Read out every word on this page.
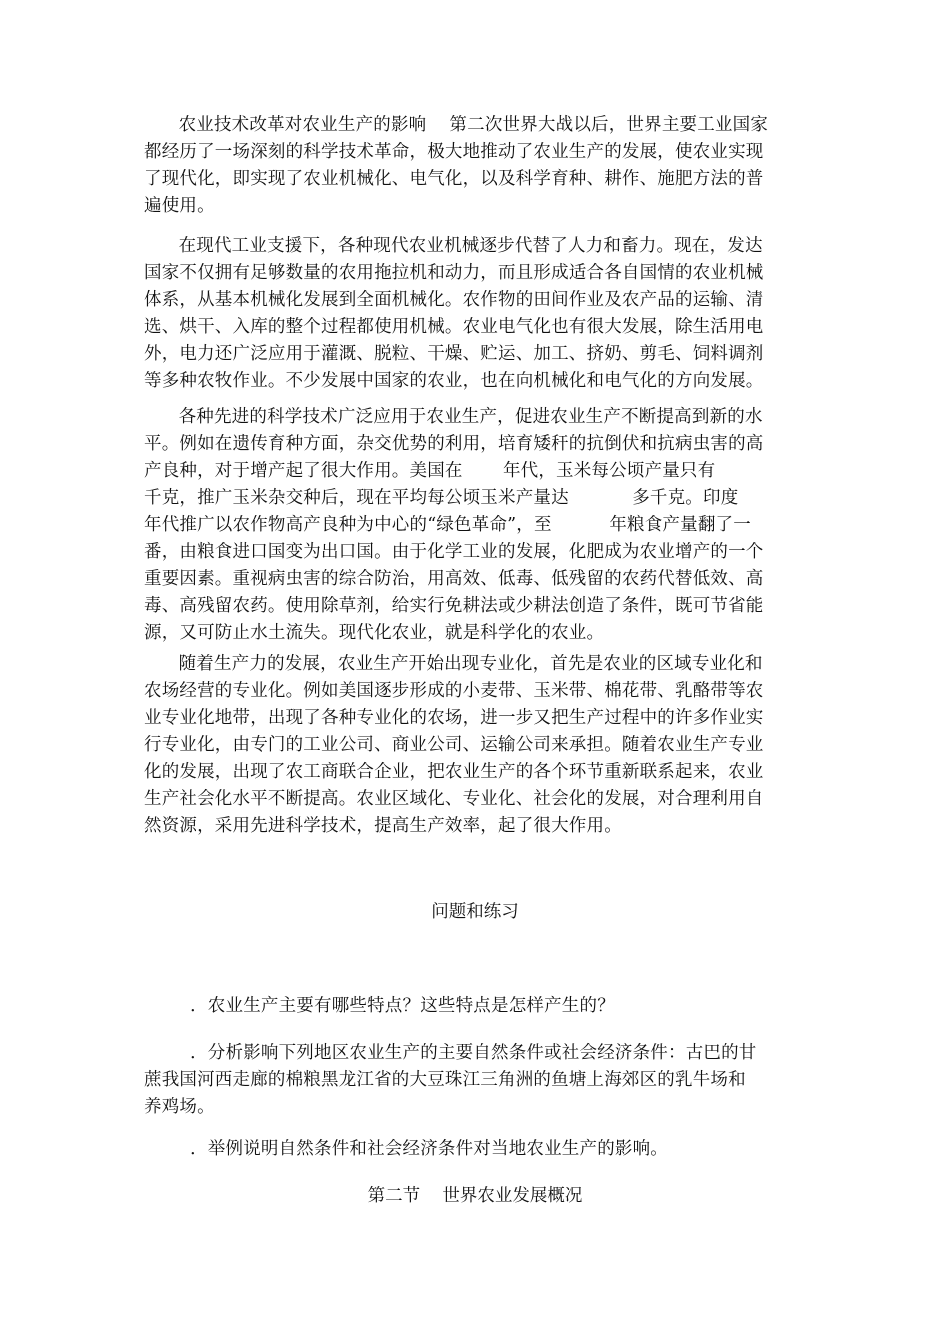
农业技术改革对农业生产的影响    第二次世界大战以后，世界主要工业国家
都经历了一场深刻的科学技术革命，极大地推动了农业生产的发展，使农业实现
了现代化，即实现了农业机械化、电气化，以及科学育种、耕作、施肥方法的普
遍使用。
在现代工业支援下，各种现代农业机械逐步代替了人力和畜力。现在，发达
国家不仅拥有足够数量的农用拖拉机和动力，而且形成适合各自国情的农业机械
体系，从基本机械化发展到全面机械化。农作物的田间作业及农产品的运输、清
选、烘干、入库的整个过程都使用机械。农业电气化也有很大发展，除生活用电
外，电力还广泛应用于灌溉、脱粒、干燥、贮运、加工、挤奶、剪毛、饲料调剂
等多种农牧作业。不少发展中国家的农业，也在向机械化和电气化的方向发展。
各种先进的科学技术广泛应用于农业生产，促进农业生产不断提高到新的水
平。例如在遗传育种方面，杂交优势的利用，培育矮秆的抗倒伏和抗病虫害的高
产良种，对于增产起了很大作用。美国在       年代，玉米每公顷产量只有
千克，推广玉米杂交种后，现在平均每公顷玉米产量达           多千克。印度
年代推广以农作物高产良种为中心的“绿色革命”，至          年粮食产量翻了一
番，由粮食进口国变为出口国。由于化学工业的发展，化肥成为农业增产的一个
重要因素。重视病虫害的综合防治，用高效、低毒、低残留的农药代替低效、高
毒、高残留农药。使用除草剂，给实行免耕法或少耕法创造了条件，既可节省能
源，又可防止水土流失。现代化农业，就是科学化的农业。
随着生产力的发展，农业生产开始出现专业化，首先是农业的区域专业化和
农场经营的专业化。例如美国逐步形成的小麦带、玉米带、棉花带、乳酪带等农
业专业化地带，出现了各种专业化的农场，进一步又把生产过程中的许多作业实
行专业化，由专门的工业公司、商业公司、运输公司来承担。随着农业生产专业
化的发展，出现了农工商联合企业，把农业生产的各个环节重新联系起来，农业
生产社会化水平不断提高。农业区域化、专业化、社会化的发展，对合理利用自
然资源，采用先进科学技术，提高生产效率，起了很大作用。
问题和练习
．农业生产主要有哪些特点？这些特点是怎样产生的？
．分析影响下列地区农业生产的主要自然条件或社会经济条件：古巴的甘
蔗我国河西走廊的棉粮黑龙江省的大豆珠江三角洲的鱼塘上海郊区的乳牛场和
养鸡场。
．举例说明自然条件和社会经济条件对当地农业生产的影响。
第二节    世界农业发展概况
